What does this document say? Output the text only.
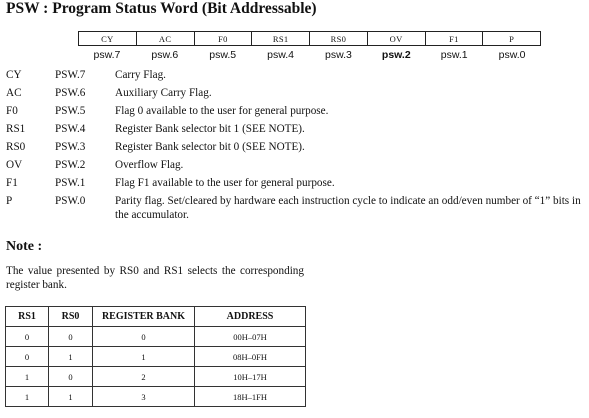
PSW : Program Status Word (Bit Addressable)
CY	AC	F0	RS1	RS0	OV	F1	P
psw.7	psw.6	psw.5	psw.4	psw.3	psw.2	psw.1	psw.0
CY	PSW.7	Carry Flag.
AC	PSW.6	Auxiliary Carry Flag.
F0	PSW.5	Flag 0 available to the user for general purpose.
RS1	PSW.4	Register Bank selector bit 1 (SEE NOTE).
RS0	PSW.3	Register Bank selector bit 0 (SEE NOTE).
OV	PSW.2	Overflow Flag.
F1	PSW.1	Flag F1 available to the user for general purpose.
P	PSW.0	Parity flag. Set/cleared by hardware each instruction cycle to indicate an odd/even number of “1” bits in the accumulator.
Note :
The value presented by RS0 and RS1 selects the corresponding register bank.
RS1	RS0	REGISTER BANK	ADDRESS
0	0	0	00H–07H
0	1	1	08H–0FH
1	0	2	10H–17H
1	1	3	18H–1FH
